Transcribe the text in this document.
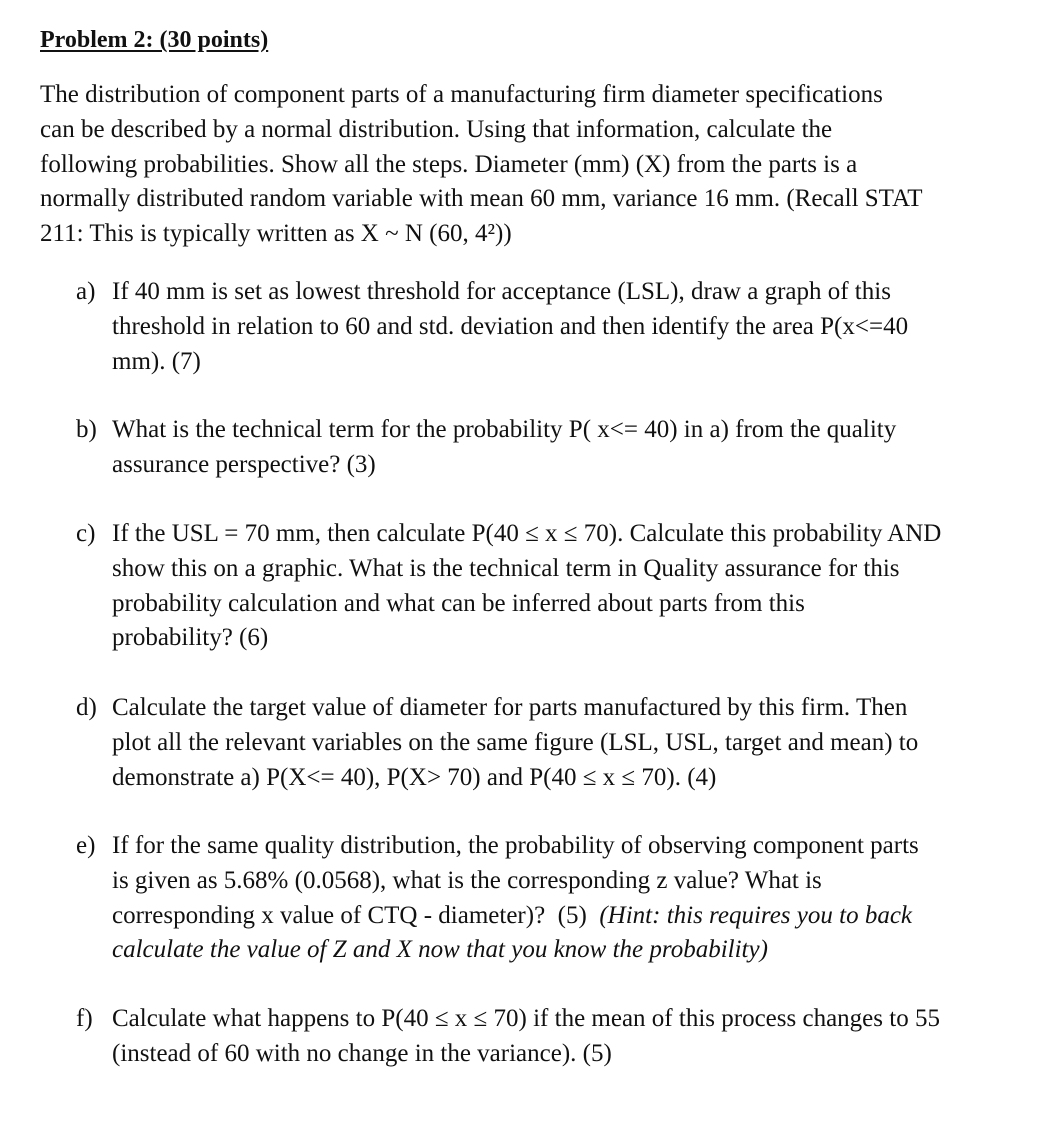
Problem 2: (30 points)
The distribution of component parts of a manufacturing firm diameter specifications
can be described by a normal distribution. Using that information, calculate the
following probabilities. Show all the steps. Diameter (mm) (X) from the parts is a
normally distributed random variable with mean 60 mm, variance 16 mm. (Recall STAT
211: This is typically written as X ~ N (60, 4²))
a) If 40 mm is set as lowest threshold for acceptance (LSL), draw a graph of this
threshold in relation to 60 and std. deviation and then identify the area P(x<=40
mm). (7)
b) What is the technical term for the probability P( x<= 40) in a) from the quality
assurance perspective? (3)
c) If the USL = 70 mm, then calculate P(40 ≤ x ≤ 70). Calculate this probability AND
show this on a graphic. What is the technical term in Quality assurance for this
probability calculation and what can be inferred about parts from this
probability? (6)
d) Calculate the target value of diameter for parts manufactured by this firm. Then
plot all the relevant variables on the same figure (LSL, USL, target and mean) to
demonstrate a) P(X<= 40), P(X> 70) and P(40 ≤ x ≤ 70). (4)
e) If for the same quality distribution, the probability of observing component parts
is given as 5.68% (0.0568), what is the corresponding z value? What is
corresponding x value of CTQ - diameter)?  (5)  (Hint: this requires you to back
calculate the value of Z and X now that you know the probability)
f) Calculate what happens to P(40 ≤ x ≤ 70) if the mean of this process changes to 55
(instead of 60 with no change in the variance). (5)
